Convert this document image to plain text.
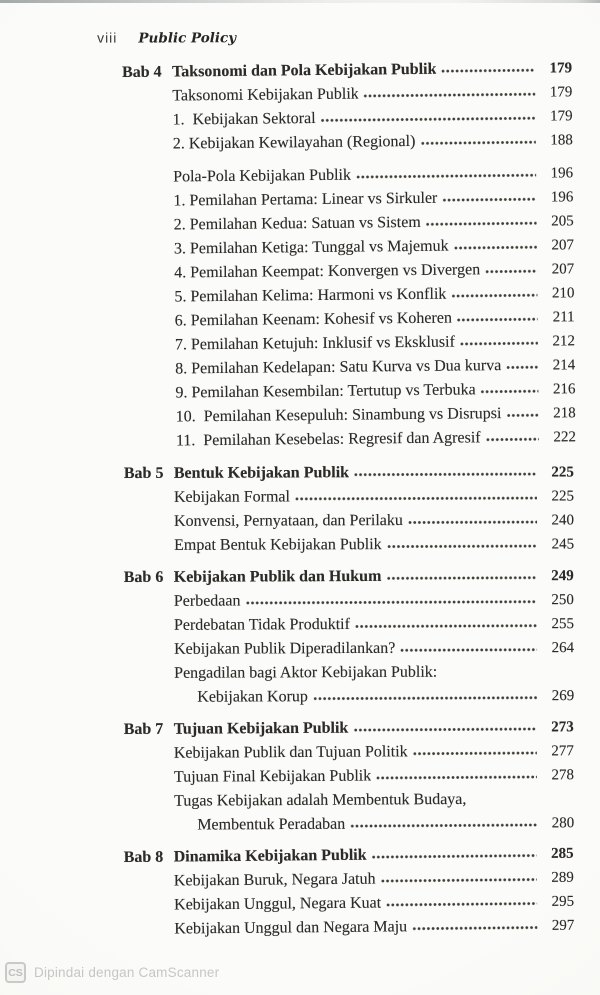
viii Public Policy
Bab 4 Taksonomi dan Pola Kebijakan Publik	179
Taksonomi Kebijakan Publik	179
1.  Kebijakan Sektoral	179
2. Kebijakan Kewilayahan (Regional)	188
Pola-Pola Kebijakan Publik	196
1. Pemilahan Pertama: Linear vs Sirkuler	196
2. Pemilahan Kedua: Satuan vs Sistem	205
3. Pemilahan Ketiga: Tunggal vs Majemuk	207
4. Pemilahan Keempat: Konvergen vs Divergen	207
5. Pemilahan Kelima: Harmoni vs Konflik	210
6. Pemilahan Keenam: Kohesif vs Koheren	211
7. Pemilahan Ketujuh: Inklusif vs Eksklusif	212
8. Pemilahan Kedelapan: Satu Kurva vs Dua kurva	214
9. Pemilahan Kesembilan: Tertutup vs Terbuka	216
10.  Pemilahan Kesepuluh: Sinambung vs Disrupsi	218
11.  Pemilahan Kesebelas: Regresif dan Agresif	222
Bab 5 Bentuk Kebijakan Publik	225
Kebijakan Formal	225
Konvensi, Pernyataan, dan Perilaku	240
Empat Bentuk Kebijakan Publik	245
Bab 6 Kebijakan Publik dan Hukum	249
Perbedaan	250
Perdebatan Tidak Produktif	255
Kebijakan Publik Diperadilankan?	264
Pengadilan bagi Aktor Kebijakan Publik:
Kebijakan Korup	269
Bab 7 Tujuan Kebijakan Publik	273
Kebijakan Publik dan Tujuan Politik	277
Tujuan Final Kebijakan Publik	278
Tugas Kebijakan adalah Membentuk Budaya,
Membentuk Peradaban	280
Bab 8 Dinamika Kebijakan Publik	285
Kebijakan Buruk, Negara Jatuh	289
Kebijakan Unggul, Negara Kuat	295
Kebijakan Unggul dan Negara Maju	297
CS Dipindai dengan CamScanner
